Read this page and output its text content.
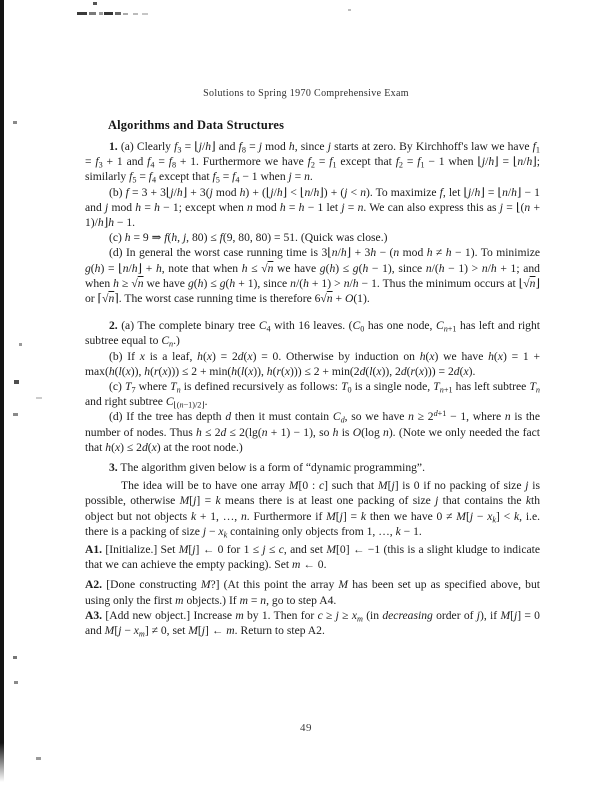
Solutions to Spring 1970 Comprehensive Exam
Algorithms and Data Structures

1. (a) Clearly $f_3$ = ⌊j/h⌋ and $f_8 = j$ mod h, since j starts at zero. By Kirchhoff's law we have $f_1 = f_3 + 1$ and $f_4 = f_8 + 1$. Furthermore we have $f_2 = f_1$ except that $f_2 = f_1 - 1$ when ⌊j/h⌋ = ⌊n/h⌋; similarly $f_5 = f_4$ except that $f_5 = f_4 - 1$ when j = n.

(b) f = 3 + 3⌊j/h⌋ + 3(j mod h) + (⌊j/h⌋ < ⌊n/h⌋) + (j < n). To maximize f, let ⌊j/h⌋ = ⌊n/h⌋ − 1 and j mod h = h − 1; except when n mod h = h − 1 let j = n. We can also express this as j = ⌊(n + 1)/h⌋h − 1.

(c) h = 9 ⇒ f(h, j, 80) ≤ f(9, 80, 80) = 51. (Quick was close.)

(d) In general the worst case running time is 3⌊n/h⌋ + 3h − (n mod h ≠ h − 1). To minimize g(h) = ⌊n/h⌋ + h, note that when h ≤ √n we have g(h) ≤ g(h − 1), since n/(h − 1) > n/h + 1; and when h ≥ √n we have g(h) ≤ g(h + 1), since n/(h + 1) > n/h − 1. Thus the minimum occurs at ⌊√n⌋ or ⌈√n⌉. The worst case running time is therefore 6√n + O(1).

2. (a) The complete binary tree $C_4$ with 16 leaves. ($C_0$ has one node, $C_{n+1}$ has left and right subtree equal to $C_n$.)

(b) If x is a leaf, h(x) = 2d(x) = 0. Otherwise by induction on h(x) we have h(x) = 1 + max(h(l(x)), h(r(x))) ≤ 2 + min(h(l(x)), h(r(x))) ≤ 2 + min(2d(l(x)), 2d(r(x))) = 2d(x).

(c) $T_7$ where $T_n$ is defined recursively as follows: $T_0$ is a single node, $T_{n+1}$ has left subtree $T_n$ and right subtree $C_{⌊(n-1)/2⌋}$.

(d) If the tree has depth d then it must contain $C_d$, so we have $n \ge 2^{d+1} - 1$, where n is the number of nodes. Thus h ≤ 2d ≤ 2(lg(n + 1) − 1), so h is O(log n). (Note we only needed the fact that h(x) ≤ 2d(x) at the root node.)

3. The algorithm given below is a form of “dynamic programming”.

The idea will be to have one array M[0 : c] such that M[j] is 0 if no packing of size j is possible, otherwise M[j] = k means there is at least one packing of size j that contains the kth object but not objects k + 1, …, n. Furthermore if M[j] = k then we have $0 \ne M[j - x_k] < k$, i.e. there is a packing of size $j - x_k$ containing only objects from 1, …, k − 1.

A1. [Initialize.] Set M[j] ← 0 for 1 ≤ j ≤ c, and set M[0] ← −1 (this is a slight kludge to indicate that we can achieve the empty packing). Set m ← 0.

A2. [Done constructing M?] (At this point the array M has been set up as specified above, but using only the first m objects.) If m = n, go to step A4.

A3. [Add new object.] Increase m by 1. Then for $c \ge j \ge x_m$ (in decreasing order of j), if M[j] = 0 and $M[j - x_m] \ne 0$, set M[j] ← m. Return to step A2.

49
